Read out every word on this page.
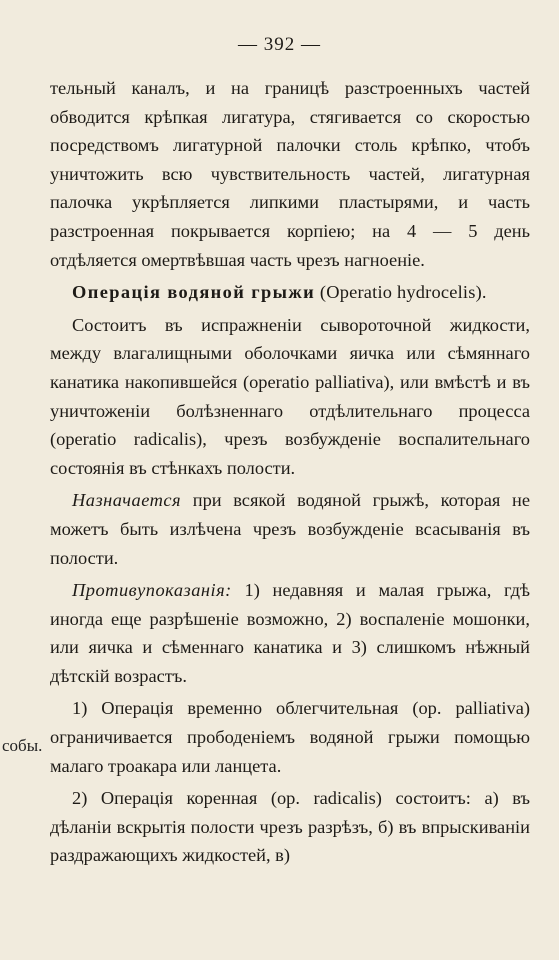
— 392 —
собы.

тельный каналъ, и на границѣ разстроенныхъ частей обводится крѣпкая лигатура, стягивается со скоростью посредствомъ лигатурной палочки столь крѣпко, чтобъ уничтожить всю чувствительность частей, лигатурная палочка укрѣпляется липкими пластырями, и часть разстроенная покрывается корпіею; на 4 — 5 день отдѣляется омертвѣвшая часть чрезъ нагноеніе.

Операція водяной грыжи (Operatio hydrocelis).

Состоитъ въ испражненіи сывороточной жидкости, между влагалищными оболочками яичка или сѣмяннаго канатика накопившейся (operatio palliativa), или вмѣстѣ и въ уничтоженіи болѣзненнаго отдѣлительнаго процесса (operatio radicalis), чрезъ возбужденіе воспалительнаго состоянія въ стѣнкахъ полости.

Назначается при всякой водяной грыжѣ, которая не можетъ быть излѣчена чрезъ возбужденіе всасыванія въ полости.

Противупоказанія: 1) недавняя и малая грыжа, гдѣ иногда еще разрѣшеніе возможно, 2) воспаленіе мошонки, или яичка и сѣменнаго канатика и 3) слишкомъ нѣжный дѣтскій возрастъ.

1) Операція временно облегчительная (op. palliativa) ограничивается прободеніемъ водяной грыжи помощью малаго троакара или ланцета.

2) Операція коренная (op. radicalis) состоитъ: а) въ дѣланіи вскрытія полости чрезъ разрѣзъ, б) въ впрыскиваніи раздражающихъ жидкостей, в)
